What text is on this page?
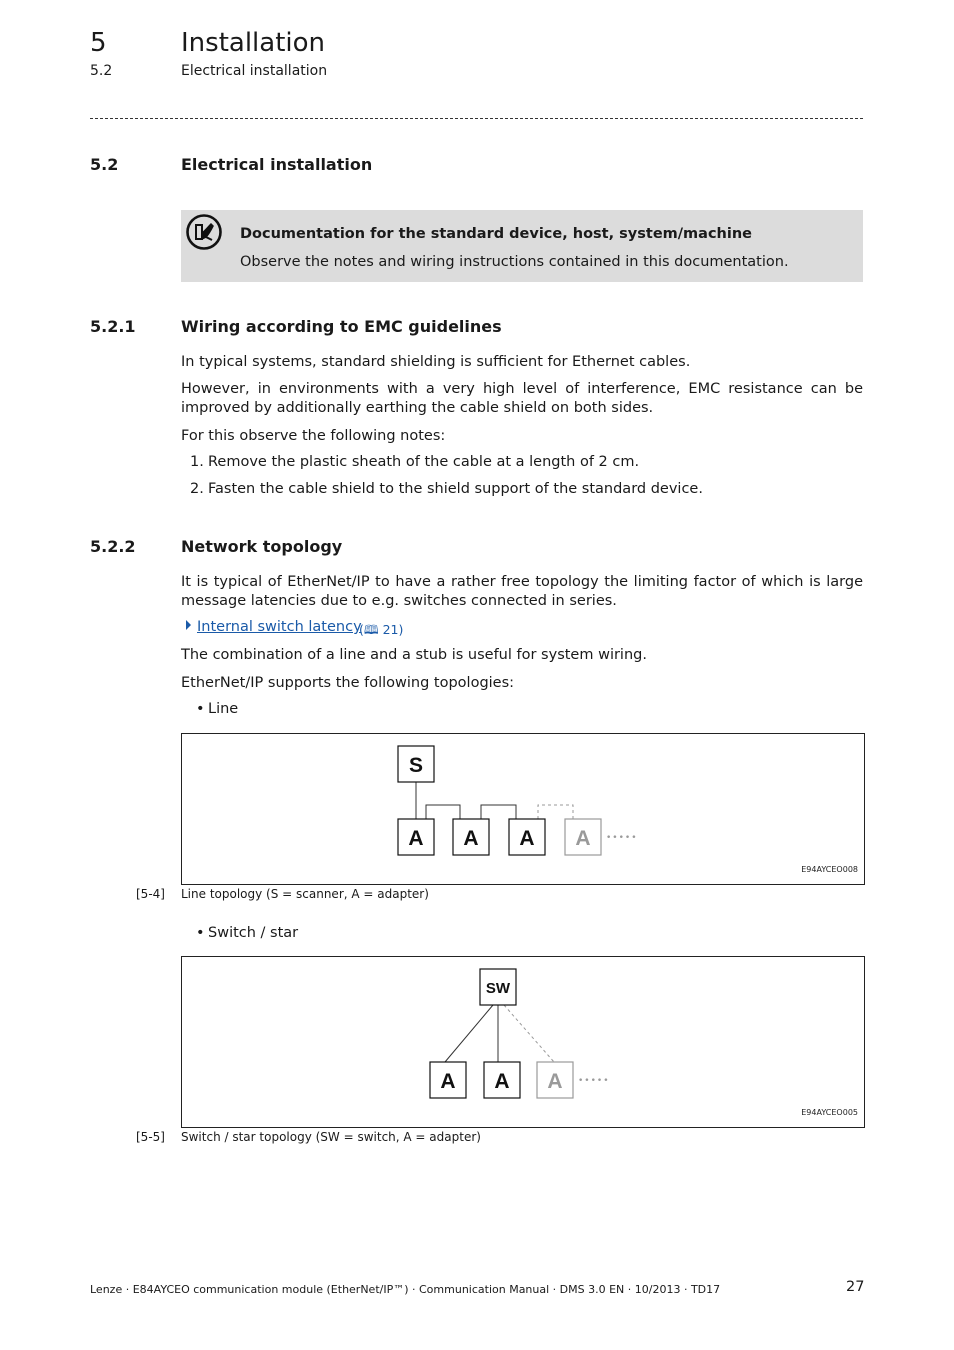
5	Installation
5.2	Electrical installation
5.2	Electrical installation
Documentation for the standard device, host, system/machine
Observe the notes and wiring instructions contained in this documentation.
5.2.1	Wiring according to EMC guidelines
In typical systems, standard shielding is sufficient for Ethernet cables.
However, in environments with a very high level of interference, EMC resistance can be improved by additionally earthing the cable shield on both sides.
For this observe the following notes:
1. Remove the plastic sheath of the cable at a length of 2 cm.
2. Fasten the cable shield to the shield support of the standard device.
5.2.2	Network topology
It is typical of EtherNet/IP to have a rather free topology the limiting factor of which is large message latencies due to e.g. switches connected in series.
Internal switch latency
(🕮 21)
The combination of a line and a stub is useful for system wiring.
EtherNet/IP supports the following topologies:
• Line
S
A A A A •••••
E94AYCEO008
[5-4] Line topology (S = scanner, A = adapter)
• Switch / star
SW
A A A •••••
E94AYCEO005
[5-5] Switch / star topology (SW = switch, A = adapter)
Lenze · E84AYCEO communication module (EtherNet/IP™) · Communication Manual · DMS 3.0 EN · 10/2013 · TD17	27
